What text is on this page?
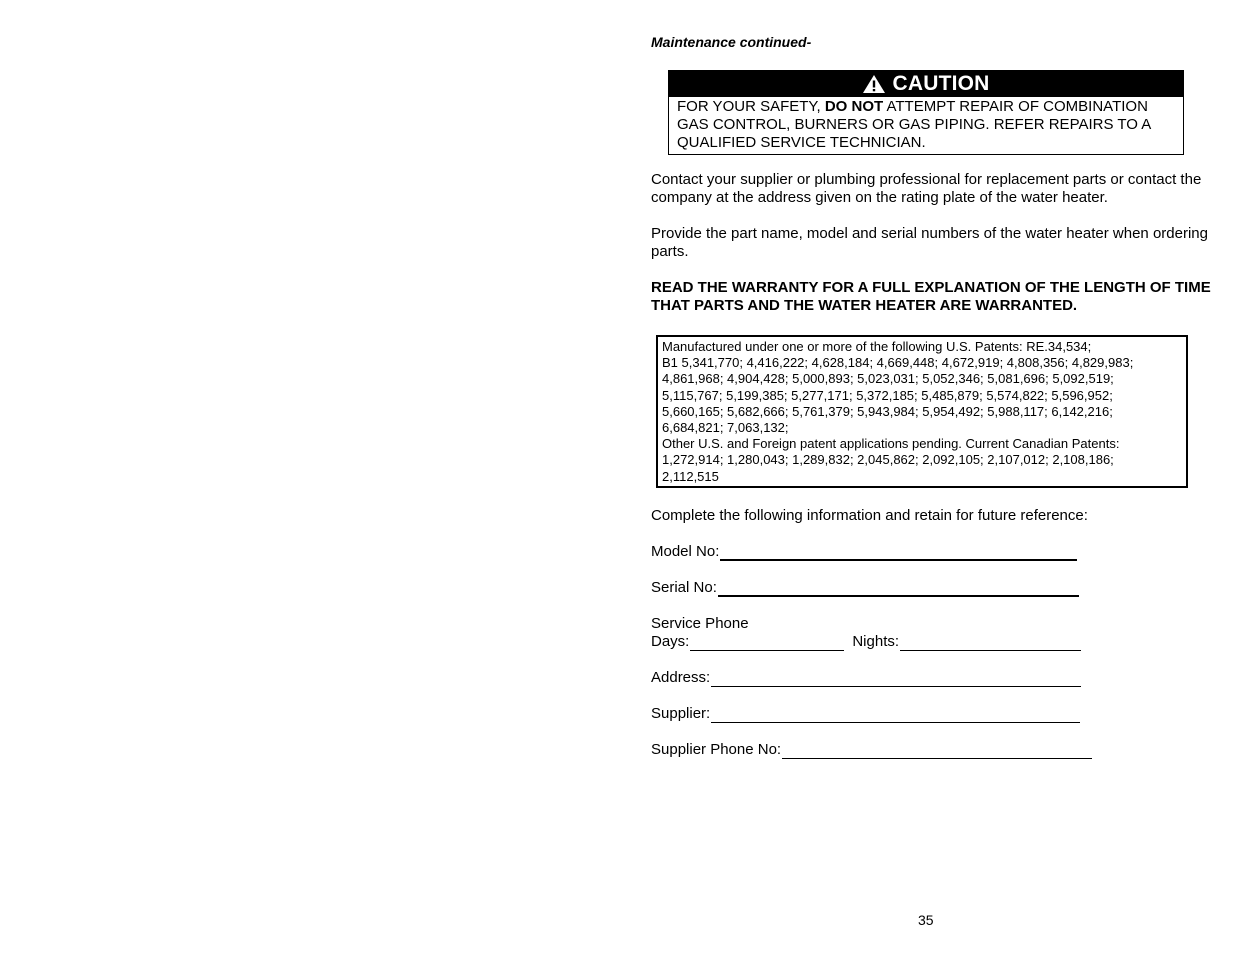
Maintenance continued-
CAUTION
FOR YOUR SAFETY, DO NOT ATTEMPT REPAIR OF COMBINATION GAS CONTROL, BURNERS OR GAS PIPING. REFER REPAIRS TO A QUALIFIED SERVICE TECHNICIAN.
Contact your supplier or plumbing professional for replacement parts or contact the company at the address given on the rating plate of the water heater.
Provide the part name, model and serial numbers of the water heater when ordering parts.
READ THE WARRANTY FOR A FULL EXPLANATION OF THE LENGTH OF TIME THAT PARTS AND THE WATER HEATER ARE WARRANTED.
Manufactured under one or more of the following U.S. Patents: RE.34,534;
B1 5,341,770; 4,416,222; 4,628,184; 4,669,448; 4,672,919; 4,808,356; 4,829,983;
4,861,968; 4,904,428; 5,000,893; 5,023,031; 5,052,346; 5,081,696; 5,092,519;
5,115,767; 5,199,385; 5,277,171; 5,372,185; 5,485,879; 5,574,822; 5,596,952;
5,660,165; 5,682,666; 5,761,379; 5,943,984; 5,954,492; 5,988,117; 6,142,216;
6,684,821; 7,063,132;
Other U.S. and Foreign patent applications pending. Current Canadian Patents:
1,272,914; 1,280,043; 1,289,832; 2,045,862; 2,092,105; 2,107,012; 2,108,186;
2,112,515
Complete the following information and retain for future reference:
Model No:
Serial No:
Service Phone
Days:	Nights:
Address:
Supplier:
Supplier Phone No:
35
